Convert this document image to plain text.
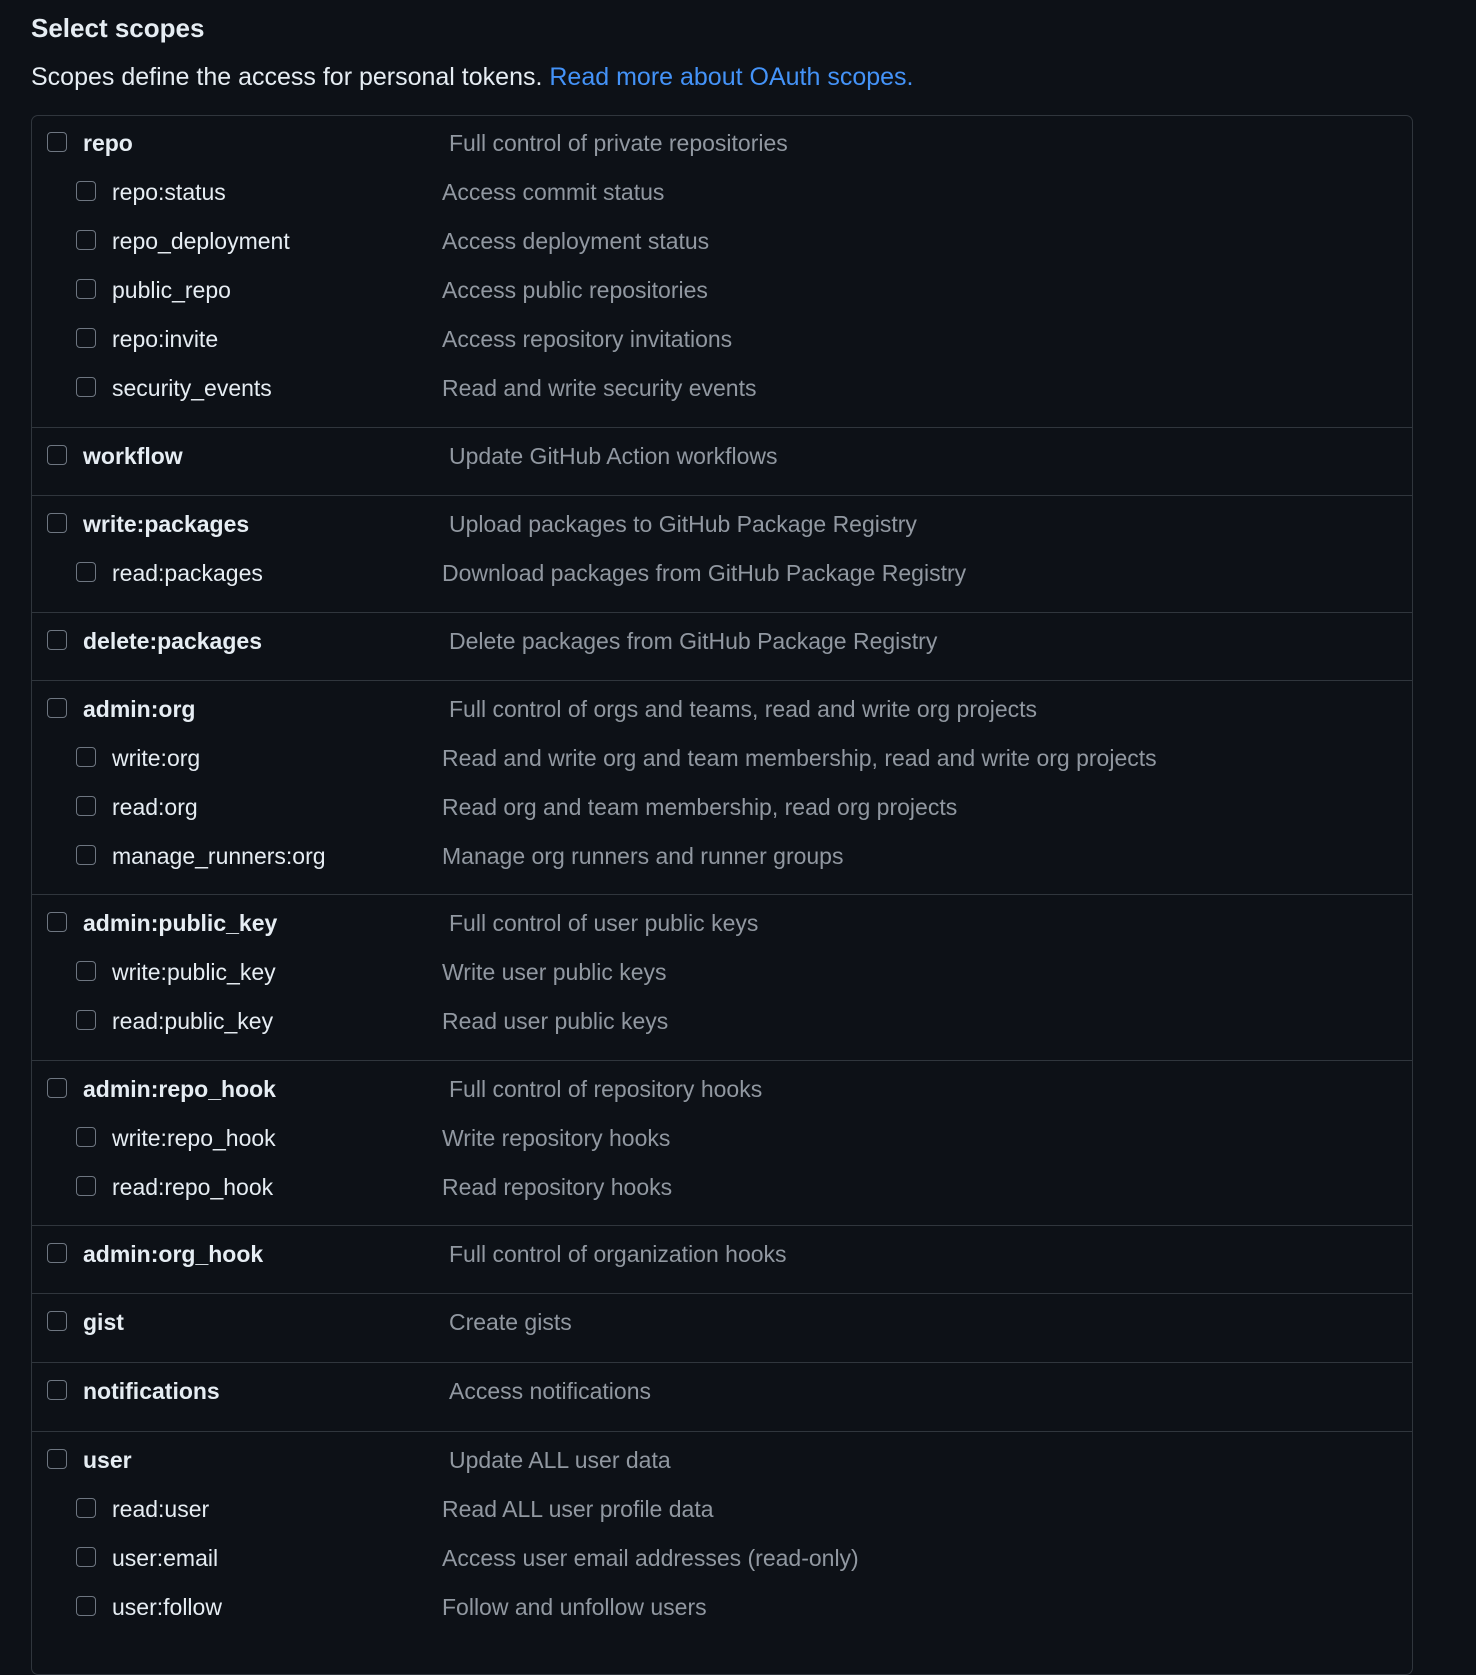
Select scopes
Scopes define the access for personal tokens. Read more about OAuth scopes.
repo	Full control of private repositories
repo:status	Access commit status
repo_deployment	Access deployment status
public_repo	Access public repositories
repo:invite	Access repository invitations
security_events	Read and write security events
workflow	Update GitHub Action workflows
write:packages	Upload packages to GitHub Package Registry
read:packages	Download packages from GitHub Package Registry
delete:packages	Delete packages from GitHub Package Registry
admin:org	Full control of orgs and teams, read and write org projects
write:org	Read and write org and team membership, read and write org projects
read:org	Read org and team membership, read org projects
manage_runners:org	Manage org runners and runner groups
admin:public_key	Full control of user public keys
write:public_key	Write user public keys
read:public_key	Read user public keys
admin:repo_hook	Full control of repository hooks
write:repo_hook	Write repository hooks
read:repo_hook	Read repository hooks
admin:org_hook	Full control of organization hooks
gist	Create gists
notifications	Access notifications
user	Update ALL user data
read:user	Read ALL user profile data
user:email	Access user email addresses (read-only)
user:follow	Follow and unfollow users
